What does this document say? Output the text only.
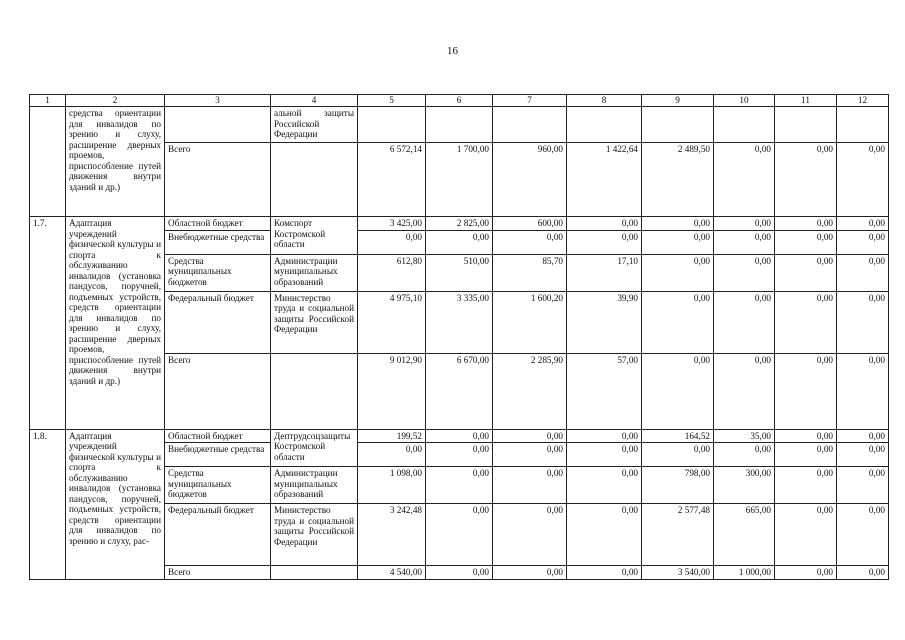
16
1	2	3	4	5	6	7	8	9	10	11	12
	средства ориентации для инвалидов по зрению и слуху, расширение дверных проемов, приспособление путей движения внутри зданий и др.)		альной защиты Российской Федерации								
		Всего		6 572,14	1 700,00	960,00	1 422,64	2 489,50	0,00	0,00	0,00
1.7.	Адаптация учреждений физической культуры и спорта к обслуживанию инвалидов (установка пандусов, поручней, подъемных устройств, средств ориентации для инвалидов по зрению и слуху, расширение дверных проемов, приспособление путей движения внутри зданий и др.)	Областной бюджет	Комспорт Костромской области	3 425,00	2 825,00	600,00	0,00	0,00	0,00	0,00	0,00
		Внебюджетные средства		0,00	0,00	0,00	0,00	0,00	0,00	0,00	0,00
		Средства муниципальных бюджетов	Администрации муниципальных образований	612,80	510,00	85,70	17,10	0,00	0,00	0,00	0,00
		Федеральный бюджет	Министерство труда и социальной защиты Российской Федерации	4 975,10	3 335,00	1 600,20	39,90	0,00	0,00	0,00	0,00
		Всего		9 012,90	6 670,00	2 285,90	57,00	0,00	0,00	0,00	0,00
1.8.	Адаптация учреждений физической культуры и спорта к обслуживанию инвалидов (установка пандусов, поручней, подъемных устройств, средств ориентации для инвалидов по зрению и слуху, рас-	Областной бюджет	Дептрудсоцзащиты Костромской области	199,52	0,00	0,00	0,00	164,52	35,00	0,00	0,00
		Внебюджетные средства		0,00	0,00	0,00	0,00	0,00	0,00	0,00	0,00
		Средства муниципальных бюджетов	Администрации муниципальных образований	1 098,00	0,00	0,00	0,00	798,00	300,00	0,00	0,00
		Федеральный бюджет	Министерство труда и социальной защиты Российской Федерации	3 242,48	0,00	0,00	0,00	2 577,48	665,00	0,00	0,00
		Всего		4 540,00	0,00	0,00	0,00	3 540,00	1 000,00	0,00	0,00
